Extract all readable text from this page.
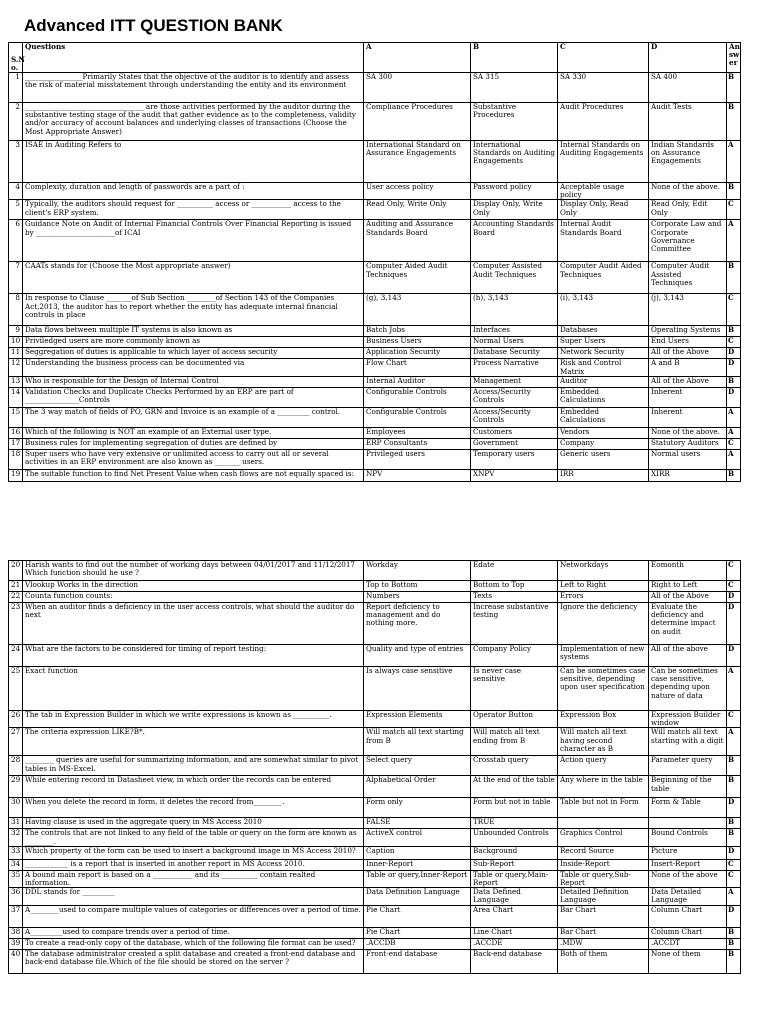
Advanced ITT QUESTION BANK
S.N o.	Questions	A	B	C	D	An sw er
1	________________Primarily States that the objective of the auditor is to identify and assess the risk of material misstatement through understanding the entity and its environment	SA 300	SA 315	SA 330	SA 400	B
2	_________________________________ are those activities performed by the auditor during the substantive testing stage of the audit that gather evidence as to the completeness, validity and/or accuracy of account balances and underlying classes of transactions (Choose the Most Appropriate Answer)	Compliance Procedures	Substantive Procedures	Audit Procedures	Audit Tests	B
3	ISAE in Auditing Refers to	International Standard on Assurance Engagements	International Standards on Auditing Engagements	Internal Standards on Auditing Engagements	Indian Standards on Assurance Engagements	A
4	Complexity, duration and length of passwords are a part of :	User access policy	Password policy	Acceptable usage policy	None of the above.	B
5	Typically, the auditors should request for __________ access or ___________ access to the client's ERP system.	Read Only, Write Only	Display Only, Write Only	Display Only, Read Only	Read Only, Edit Only	C
6	Guidance Note on Audit of Internal Financial Controls Over Financial Reporting is issued by ______________________of ICAI	Auditing and Assurance Standards Board	Accounting Standards Board	Internal Audit Standards Board	Corporate Law and Corporate Governance Committee	A
7	CAATs stands for (Choose the Most appropriate answer)	Computer Aided Audit Techniques	Computer Assisted Audit Techniques	Computer Audit Aided Techniques	Computer Audit Assisted Techniques	B
8	In response to Clause _______of Sub Section ________of Section 143 of the Companies Act,2013, the auditor has to report whether the entity has adequate internal financial controls in place	(g), 3,143	(h), 3,143	(i), 3,143	(j), 3,143	C
9	Data flows between multiple IT systems is also known as	Batch Jobs	Interfaces	Databases	Operating Systems	B
10	Priviledged users are more commonly known as	Business Users	Normal Users	Super Users	End Users	C
11	Seggregation of duties is applicable to which layer of access security	Application Security	Database Security	Network Security	All of the Above	D
12	Understanding the business process can be documented via	Flow Chart	Process Narrative	Risk and Control Matrix	A and B	D
13	Who is responsible for the Design of Internal Control	Internal Auditor	Management	Auditor	All of the Above	B
14	Validation Checks and Duplicate Checks Performed by an ERP are part of _______________Controls	Configurable Controls	Access/Security Controls	Embedded Calculations	Inherent	D
15	The 3 way match of fields of PO, GRN and Invoice is an example of a _________ control.	Configurable Controls	Access/Security Controls	Embedded Calculations	Inherent	A
16	Which of the following is NOT an example of an External user type.	Employees	Customers	Vendors	None of the above.	A
17	Business rules for implementing segregation of duties are defined by	ERP Consultants	Government	Company	Statutory Auditors	C
18	Super users who have very extensive or unlimited access to carry out all or several activities in an ERP environment are also known as _______ users.	Privileged users	Temporary users	Generic users	Normal users	A
19	The suitable function to find Net Present Value when cash flows are not equally spaced is:	NPV	XNPV	IRR	XIRR	B
20	Harish wants to find out the number of working days between 04/01/2017 and 11/12/2017 Which function should he use ?	Workday	Edate	Networkdays	Eomonth	C
21	Vlookup Works in the direction	Top to Bottom	Bottom to Top	Left to Right	Right to Left	C
22	Counta function counts:	Numbers	Texts	Errors	All of the Above	D
23	When an auditor finds a deficiency in the user access controls, what should the auditor do next	Report deficiency to management and do nothing more.	Increase substantive testing	Ignore the deficiency	Evaluate the deficiency and determine impact on audit	D
24	What are the factors to be considered for timing of report testing:	Quality and type of entries	Company Policy	Implementation of new systems	All of the above	D
25	Exact function	Is always case sensitive	Is never case sensitive	Can be sometimes case sensitive, depending upon user specification	Can be sometimes case sensitive, depending upon nature of data	A
26	The tab in Expression Builder in which we write expressions is known as __________.	Expression Elements	Operator Button	Expression Box	Expression Builder window	C
27	The criteria expression LIKE?B*.	Will match all text starting from B	Will match all text ending from B	Will match all text having second character as B	Will match all text starting with a digit	A
28	________ queries are useful for summarizing information, and are somewhat similar to pivot tables in MS-Excel.	Select query	Crosstab query	Action query	Parameter query	B
29	While entering record in Datasheet view, in which order the records can be entered	Alphabetical Order	At the end of the table	Any where in the table	Beginning of the table	B
30	When you delete the record in form, it deletes the record from________.	Form only	Form but not in table	Table but not in Form	Form & Table	D
31	Having clause is used in the aggregate query in MS Access 2010	FALSE	TRUE			B
32	The controls that are not linked to any field of the table or query on the form are known as ________.	ActiveX control	Unbounded Controls	Graphics Control	Bound Controls	B
33	Which property of the form can be used to insert a background image in MS Access 2010?	Caption	Background	Record Source	Picture	D
34	____________ is a report that is inserted in another report in MS Access 2010.	Inner-Report	Sub-Report	Inside-Report	Insert-Report	C
35	A bound main report is based on a ___________ and its __________ contain realted information.	Table or query,Inner-Report	Table or query,Main-Report	Table or query,Sub-Report	None of the above	C
36	DDL stands for _________	Data Definition Language	Data Defined Language	Detailed Definition Language	Data Detailed Language	A
37	A________used to compare multiple values of categories or differences over a period of time.	Pie Chart	Area Chart	Bar Chart	Column Chart	D
38	A_________used to compare trends over a period of time.	Pie Chart	Line Chart	Bar Chart	Column Chart	B
39	To create a read-only copy of the database, which of the following file format can be used?	.ACCDB	.ACCDE	.MDW	.ACCDT	B
40	The database administrator created a split database and created a front-end database and back-end database file.Which of the file should be stored on the server ?	Front-end database	Back-end database	Both of them	None of them	B
